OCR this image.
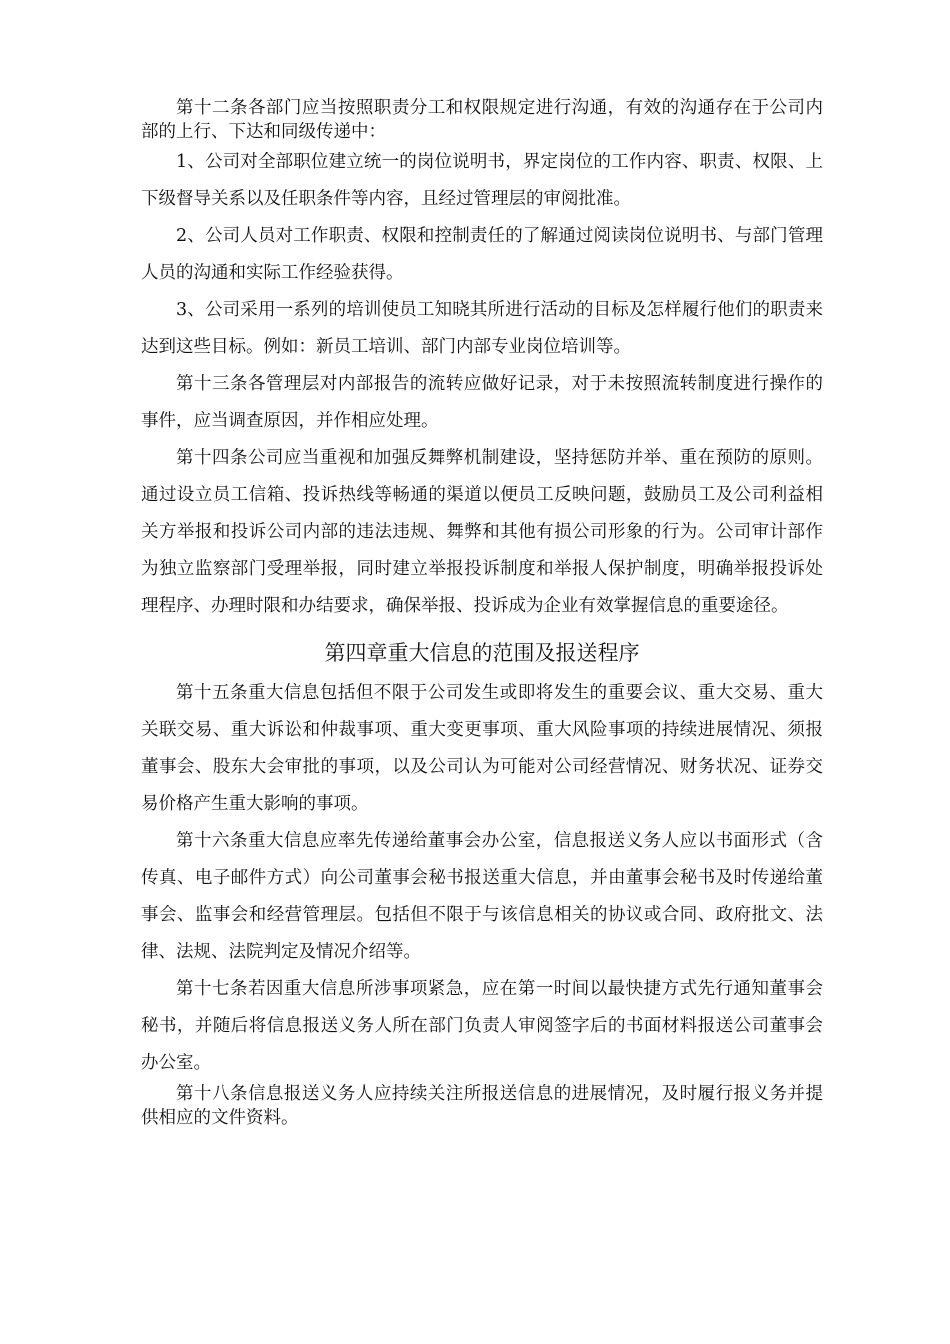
第十二条各部门应当按照职责分工和权限规定进行沟通，有效的沟通存在于公司内部的上行、下达和同级传递中：

1、公司对全部职位建立统一的岗位说明书，界定岗位的工作内容、职责、权限、上下级督导关系以及任职条件等内容，且经过管理层的审阅批准。

2、公司人员对工作职责、权限和控制责任的了解通过阅读岗位说明书、与部门管理人员的沟通和实际工作经验获得。

3、公司采用一系列的培训使员工知晓其所进行活动的目标及怎样履行他们的职责来达到这些目标。例如：新员工培训、部门内部专业岗位培训等。

第十三条各管理层对内部报告的流转应做好记录，对于未按照流转制度进行操作的事件，应当调查原因，并作相应处理。

第十四条公司应当重视和加强反舞弊机制建设，坚持惩防并举、重在预防的原则。通过设立员工信箱、投诉热线等畅通的渠道以便员工反映问题，鼓励员工及公司利益相关方举报和投诉公司内部的违法违规、舞弊和其他有损公司形象的行为。公司审计部作为独立监察部门受理举报，同时建立举报投诉制度和举报人保护制度，明确举报投诉处理程序、办理时限和办结要求，确保举报、投诉成为企业有效掌握信息的重要途径。

第四章重大信息的范围及报送程序

第十五条重大信息包括但不限于公司发生或即将发生的重要会议、重大交易、重大关联交易、重大诉讼和仲裁事项、重大变更事项、重大风险事项的持续进展情况、须报董事会、股东大会审批的事项，以及公司认为可能对公司经营情况、财务状况、证券交易价格产生重大影响的事项。

第十六条重大信息应率先传递给董事会办公室，信息报送义务人应以书面形式（含传真、电子邮件方式）向公司董事会秘书报送重大信息，并由董事会秘书及时传递给董事会、监事会和经营管理层。包括但不限于与该信息相关的协议或合同、政府批文、法律、法规、法院判定及情况介绍等。

第十七条若因重大信息所涉事项紧急，应在第一时间以最快捷方式先行通知董事会秘书，并随后将信息报送义务人所在部门负责人审阅签字后的书面材料报送公司董事会办公室。

第十八条信息报送义务人应持续关注所报送信息的进展情况，及时履行报义务并提供相应的文件资料。
